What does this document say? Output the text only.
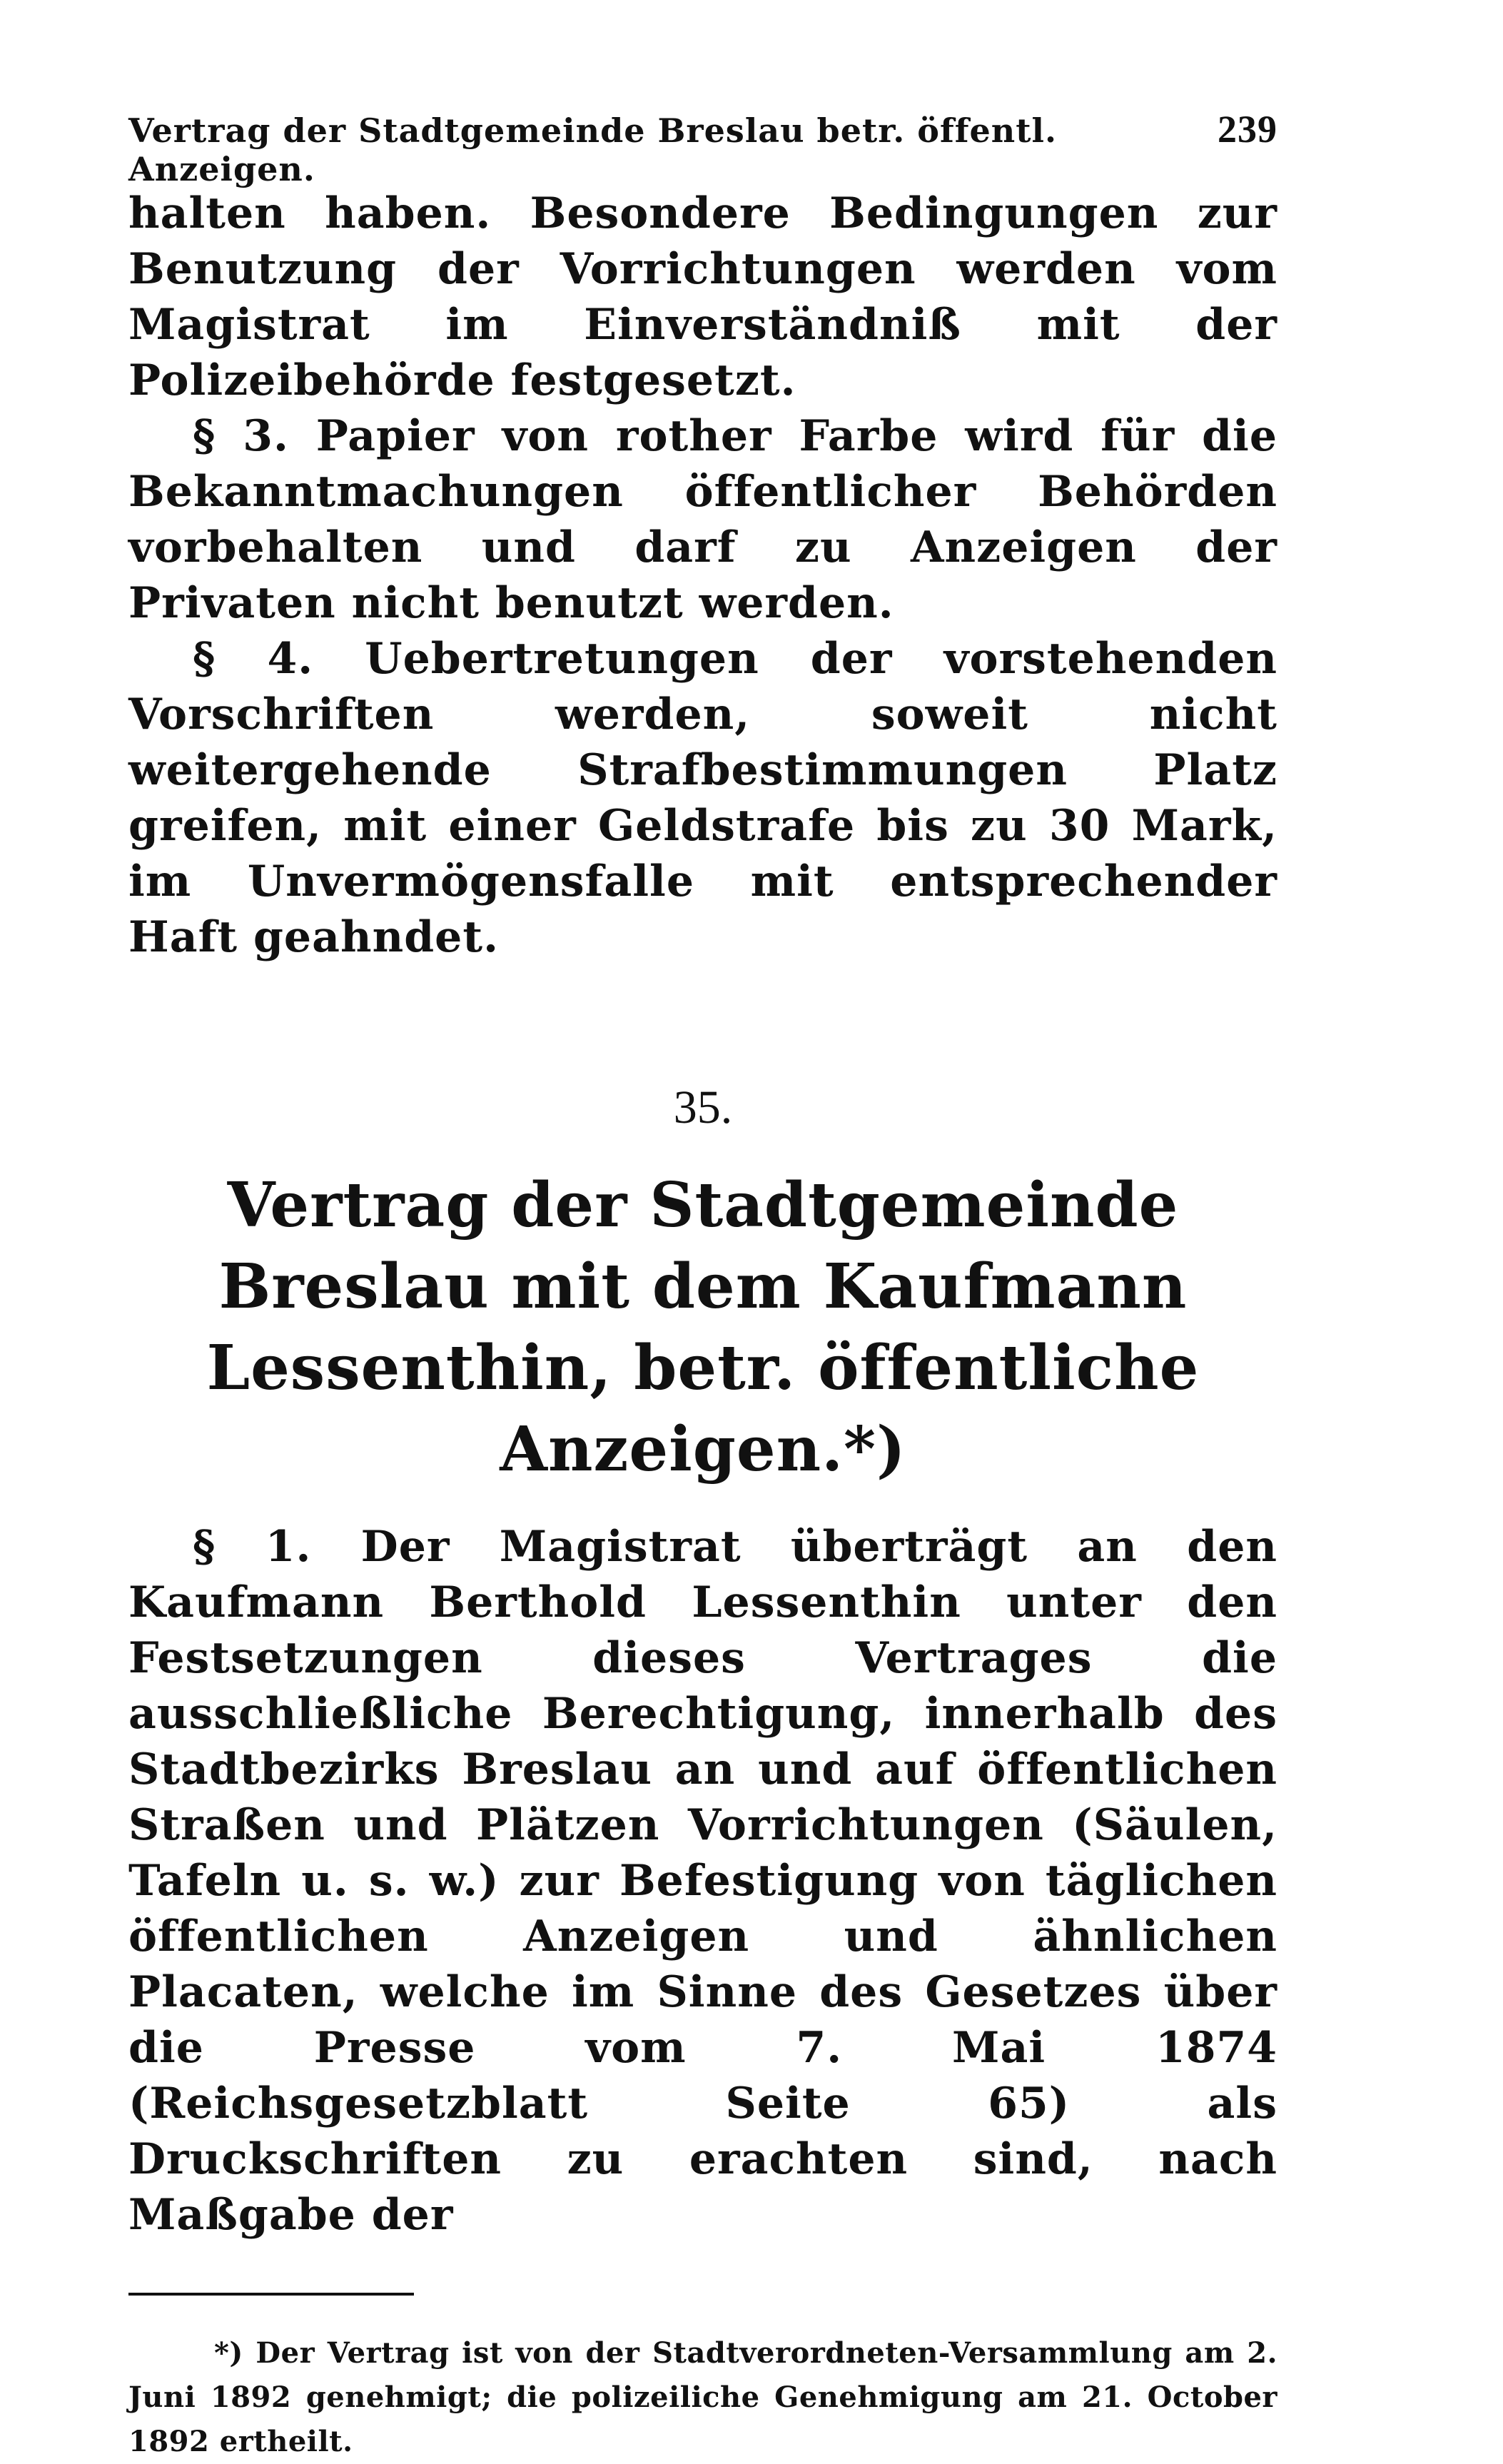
Vertrag der Stadtgemeinde Breslau betr. öffentl. Anzeigen.
239

halten haben. Besondere Bedingungen zur Benutzung der Vorrichtungen werden vom Magistrat im Einverständniß mit der Polizeibehörde festgesetzt.

§ 3. Papier von rother Farbe wird für die Bekanntmachungen öffentlicher Behörden vorbehalten und darf zu Anzeigen der Privaten nicht benutzt werden.

§ 4. Uebertretungen der vorstehenden Vorschriften werden, soweit nicht weitergehende Strafbestimmungen Platz greifen, mit einer Geldstrafe bis zu 30 Mark, im Unvermögensfalle mit entsprechender Haft geahndet.

35.
Vertrag der Stadtgemeinde Breslau mit dem Kaufmann Lessenthin, betr. öffentliche Anzeigen.*)

§ 1. Der Magistrat überträgt an den Kaufmann Berthold Lessenthin unter den Festsetzungen dieses Vertrages die ausschließliche Berechtigung, innerhalb des Stadtbezirks Breslau an und auf öffentlichen Straßen und Plätzen Vorrichtungen (Säulen, Tafeln u. s. w.) zur Befestigung von täglichen öffentlichen Anzeigen und ähnlichen Placaten, welche im Sinne des Gesetzes über die Presse vom 7. Mai 1874 (Reichsgesetzblatt Seite 65) als Druckschriften zu erachten sind, nach Maßgabe der

*) Der Vertrag ist von der Stadtverordneten-Versammlung am 2. Juni 1892 genehmigt; die polizeiliche Genehmigung am 21. October 1892 ertheilt.
